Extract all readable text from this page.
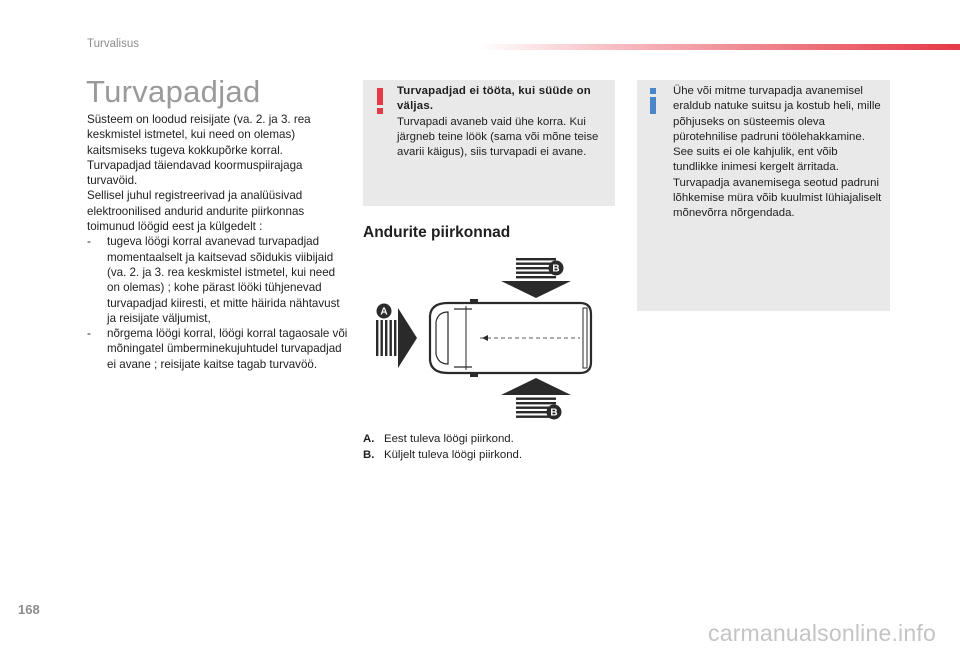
Turvalisus
Turvapadjad

Süsteem on loodud reisijate (va. 2. ja 3. rea keskmistel istmetel, kui need on olemas) kaitsmiseks tugeva kokkupõrke korral. Turvapadjad täiendavad koormuspiirajaga turvavöid.

Sellisel juhul registreerivad ja analüüsivad elektroonilised andurid andurite piirkonnas toimunud löögid eest ja külgedelt :

- tugeva löögi korral avanevad turvapadjad momentaalselt ja kaitsevad sõidukis viibijaid (va. 2. ja 3. rea keskmistel istmetel, kui need on olemas) ; kohe pärast lööki tühjenevad turvapadjad kiiresti, et mitte häirida nähtavust ja reisijate väljumist,
- nõrgema löögi korral, löögi korral tagaosale või mõningatel ümberminekujuhtudel turvapadjad ei avane ; reisijate kaitse tagab turvavöö.
Turvapadjad ei tööta, kui süüde on väljas.
Turvapadi avaneb vaid ühe korra. Kui järgneb teine löök (sama või mõne teise avarii käigus), siis turvapadi ei avane.
Ühe või mitme turvapadja avanemisel eraldub natuke suitsu ja kostub heli, mille põhjuseks on süsteemis oleva pürotehnilise padruni töölehakkamine. See suits ei ole kahjulik, ent võib tundlikke inimesi kergelt ärritada. Turvapadja avanemisega seotud padruni lõhkemise müra võib kuulmist lühiajaliselt mõnevõrra nõrgendada.
Andurite piirkonnad
A
B
B
A. Eest tuleva löögi piirkond.
B. Küljelt tuleva löögi piirkond.
168
carmanualsonline.info
